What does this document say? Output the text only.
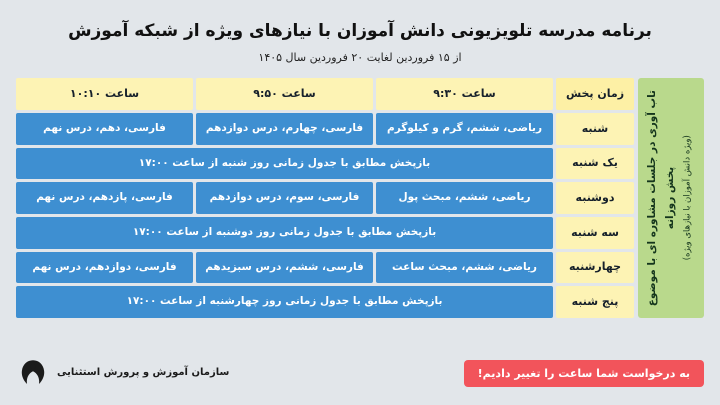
برنامه مدرسه تلویزیونی دانش آموزان با نیازهای ویژه از شبکه آموزش
از ۱۵ فروردین لغایت ۲۰ فروردین سال ۱۴۰۵
تاب آوری در جلسات مشاوره ای با موضوع پخش روزانه (ویژه دانش آموزان با نیازهای ویژه)
زمان پخش
ساعت ۹:۳۰
ساعت ۹:۵۰
ساعت ۱۰:۱۰
شنبه
ریاضی، ششم، گرم و کیلوگرم
فارسی، چهارم، درس دوازدهم
فارسی، دهم، درس نهم
یک شنبه
بازپخش مطابق با جدول زمانی روز شنبه از ساعت ۱۷:۰۰
دوشنبه
ریاضی، ششم، مبحث پول
فارسی، سوم، درس دوازدهم
فارسی، پازدهم، درس نهم
سه شنبه
بازپخش مطابق با جدول زمانی روز دوشنبه از ساعت ۱۷:۰۰
چهارشنبه
ریاضی، ششم، مبحث ساعت
فارسی، ششم، درس سبزیدهم
فارسی، دوازدهم، درس نهم
پنج شنبه
بازپخش مطابق با جدول زمانی روز چهارشنبه از ساعت ۱۷:۰۰
به درخواست شما ساعت را تغییر دادیم!
سازمان آموزش و پرورش استثنایی
